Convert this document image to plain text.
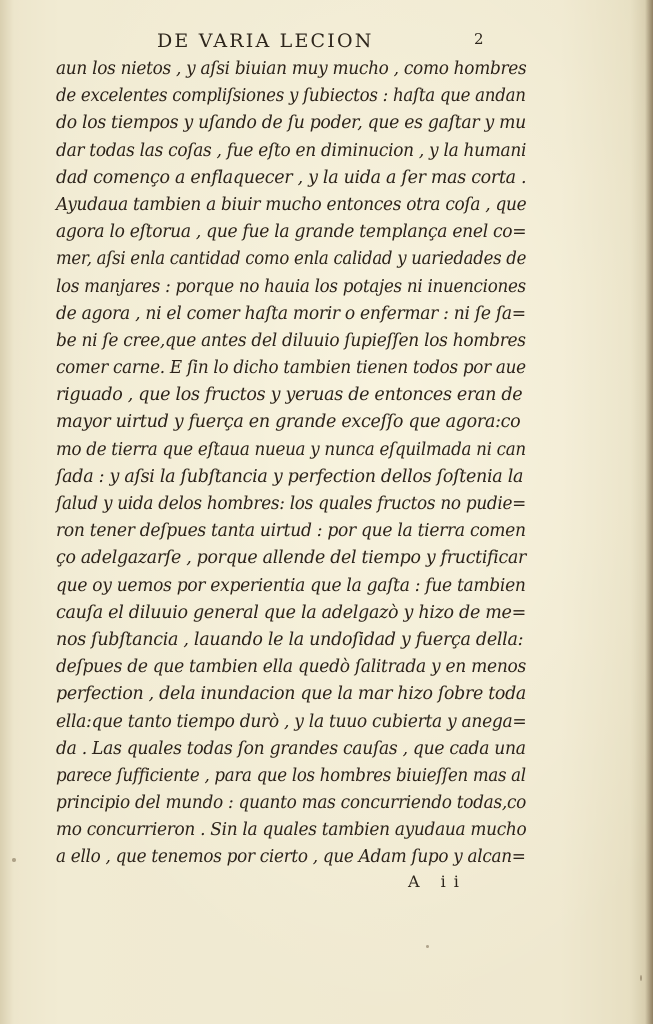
DE VARIA LECION	2
aun los nietos , y aſsi biuian muy mucho , como hombres
de excelentes compliſsiones y ſubiectos : haſta que andan
do los tiempos y uſando de ſu poder, que es gaſtar y mu
dar todas las coſas , fue eſto en diminucion , y la humani
dad començo a enflaquecer , y la uida a ſer mas corta .
Ayudaua tambien a biuir mucho entonces otra coſa , que
agora lo eſtorua , que fue la grande templança enel co=
mer, aſsi enla cantidad como enla calidad y uariedades de
los manjares : porque no hauia los potajes ni inuenciones
de agora , ni el comer haſta morir o enfermar : ni ſe ſa=
be ni ſe cree,que antes del diluuio ſupieſſen los hombres
comer carne. E ſin lo dicho tambien tienen todos por aue
riguado , que los fructos y yeruas de entonces eran de
mayor uirtud y fuerça en grande exceſſo que agora:co
mo de tierra que eſtaua nueua y nunca eſquilmada ni can
ſada : y aſsi la ſubſtancia y perfection dellos ſoſtenia la
ſalud y uida delos hombres: los quales fructos no pudie=
ron tener deſpues tanta uirtud : por que la tierra comen
ço adelgazarſe , porque allende del tiempo y fructificar
que oy uemos por experientia que la gaſta : fue tambien
cauſa el diluuio general que la adelgazò y hizo de me=
nos ſubſtancia , lauando le la undoſidad y fuerça della:
deſpues de que tambien ella quedò ſalitrada y en menos
perfection , dela inundacion que la mar hizo ſobre toda
ella:que tanto tiempo durò , y la tuuo cubierta y anega=
da . Las quales todas ſon grandes cauſas , que cada una
parece ſufficiente , para que los hombres biuieſſen mas al
principio del mundo : quanto mas concurriendo todas,co
mo concurrieron . Sin la quales tambien ayudaua mucho
a ello , que tenemos por cierto , que Adam ſupo y alcan=
A ii
